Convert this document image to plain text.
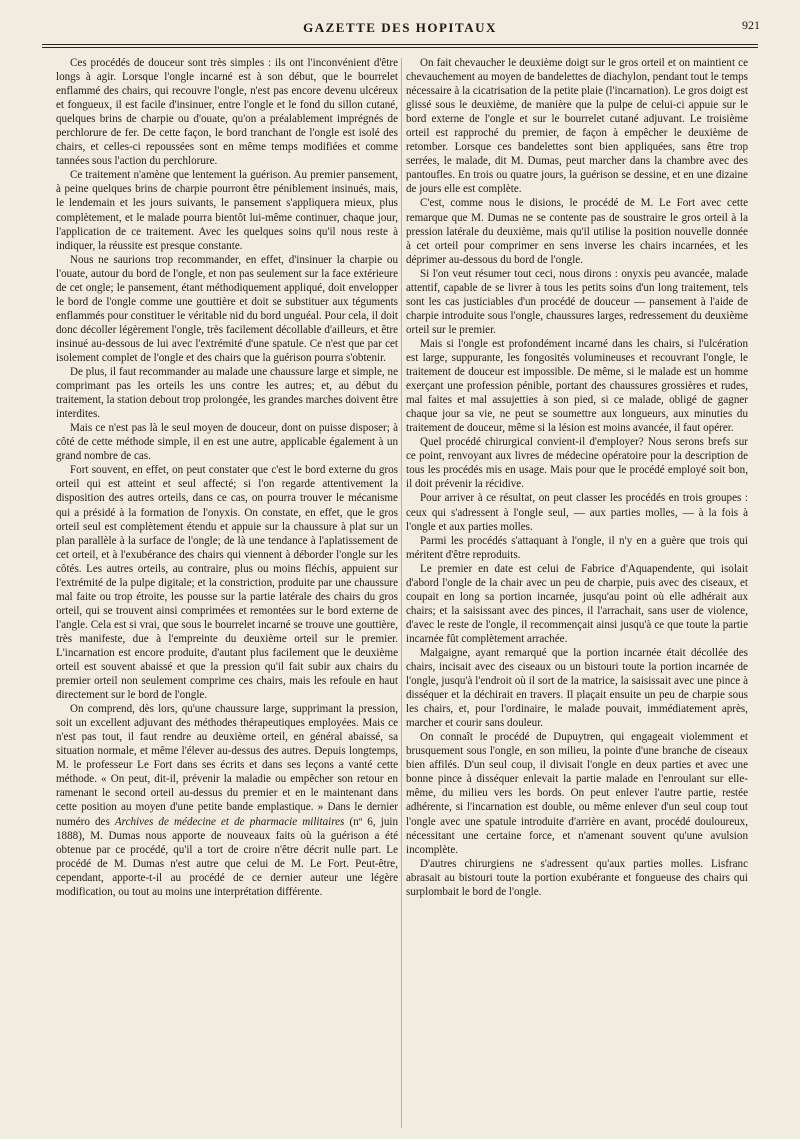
GAZETTE DES HOPITAUX	921

Ces procédés de douceur sont très simples : ils ont l'inconvénient d'être longs à agir. Lorsque l'ongle incarné est à son début, que le bourrelet enflammé des chairs, qui recouvre l'ongle, n'est pas encore devenu ulcéreux et fongueux, il est facile d'insinuer, entre l'ongle et le fond du sillon cutané, quelques brins de charpie ou d'ouate, qu'on a préalablement imprégnés de perchlorure de fer. De cette façon, le bord tranchant de l'ongle est isolé des chairs, et celles-ci repoussées sont en même temps modifiées et comme tannées sous l'action du perchlorure.

Ce traitement n'amène que lentement la guérison. Au premier pansement, à peine quelques brins de charpie pourront être péniblement insinués, mais, le lendemain et les jours suivants, le pansement s'appliquera mieux, plus complètement, et le malade pourra bientôt lui-même continuer, chaque jour, l'application de ce traitement. Avec les quelques soins qu'il nous reste à indiquer, la réussite est presque constante.

Nous ne saurions trop recommander, en effet, d'insinuer la charpie ou l'ouate, autour du bord de l'ongle, et non pas seulement sur la face extérieure de cet ongle; le pansement, étant méthodiquement appliqué, doit envelopper le bord de l'ongle comme une gouttière et doit se substituer aux téguments enflammés pour constituer le véritable nid du bord unguéal. Pour cela, il doit donc décoller légèrement l'ongle, très facilement décollable d'ailleurs, et être insinué au-dessous de lui avec l'extrémité d'une spatule. Ce n'est que par cet isolement complet de l'ongle et des chairs que la guérison pourra s'obtenir.

De plus, il faut recommander au malade une chaussure large et simple, ne comprimant pas les orteils les uns contre les autres; et, au début du traitement, la station debout trop prolongée, les grandes marches doivent être interdites.

Mais ce n'est pas là le seul moyen de douceur, dont on puisse disposer; à côté de cette méthode simple, il en est une autre, applicable également à un grand nombre de cas.

Fort souvent, en effet, on peut constater que c'est le bord externe du gros orteil qui est atteint et seul affecté; si l'on regarde attentivement la disposition des autres orteils, dans ce cas, on pourra trouver le mécanisme qui a présidé à la formation de l'onyxis. On constate, en effet, que le gros orteil seul est complètement étendu et appuie sur la chaussure à plat sur un plan parallèle à la surface de l'ongle; de là une tendance à l'aplatissement de cet orteil, et à l'exubérance des chairs qui viennent à déborder l'ongle sur les côtés. Les autres orteils, au contraire, plus ou moins fléchis, appuient sur l'extrémité de la pulpe digitale; et la constriction, produite par une chaussure mal faite ou trop étroite, les pousse sur la partie latérale des chairs du gros orteil, qui se trouvent ainsi comprimées et remontées sur le bord externe de l'angle. Cela est si vrai, que sous le bourrelet incarné se trouve une gouttière, très manifeste, due à l'empreinte du deuxième orteil sur le premier. L'incarnation est encore produite, d'autant plus facilement que le deuxième orteil est souvent abaissé et que la pression qu'il fait subir aux chairs du premier orteil non seulement comprime ces chairs, mais les refoule en haut directement sur le bord de l'ongle.

On comprend, dès lors, qu'une chaussure large, supprimant la pression, soit un excellent adjuvant des méthodes thérapeutiques employées. Mais ce n'est pas tout, il faut rendre au deuxième orteil, en général abaissé, sa situation normale, et même l'élever au-dessus des autres. Depuis longtemps, M. le professeur Le Fort dans ses écrits et dans ses leçons a vanté cette méthode. « On peut, dit-il, prévenir la maladie ou empêcher son retour en ramenant le second orteil au-dessus du premier et en le maintenant dans cette position au moyen d'une petite bande emplastique. » Dans le dernier numéro des Archives de médecine et de pharmacie militaires (nº 6, juin 1888), M. Dumas nous apporte de nouveaux faits où la guérison a été obtenue par ce procédé, qu'il a tort de croire n'être décrit nulle part. Le procédé de M. Dumas n'est autre que celui de M. Le Fort. Peut-être, cependant, apporte-t-il au procédé de ce dernier auteur une légère modification, ou tout au moins une interprétation différente.

On fait chevaucher le deuxième doigt sur le gros orteil et on maintient ce chevauchement au moyen de bandelettes de diachylon, pendant tout le temps nécessaire à la cicatrisation de la petite plaie (l'incarnation). Le gros doigt est glissé sous le deuxième, de manière que la pulpe de celui-ci appuie sur le bord externe de l'ongle et sur le bourrelet cutané adjuvant. Le troisième orteil est rapproché du premier, de façon à empêcher le deuxième de retomber. Lorsque ces bandelettes sont bien appliquées, sans être trop serrées, le malade, dit M. Dumas, peut marcher dans la chambre avec des pantoufles. En trois ou quatre jours, la guérison se dessine, et en une dizaine de jours elle est complète.

C'est, comme nous le disions, le procédé de M. Le Fort avec cette remarque que M. Dumas ne se contente pas de soustraire le gros orteil à la pression latérale du deuxième, mais qu'il utilise la position nouvelle donnée à cet orteil pour comprimer en sens inverse les chairs incarnées, et les déprimer au-dessous du bord de l'ongle.

Si l'on veut résumer tout ceci, nous dirons : onyxis peu avancée, malade attentif, capable de se livrer à tous les petits soins d'un long traitement, tels sont les cas justiciables d'un procédé de douceur — pansement à l'aide de charpie introduite sous l'ongle, chaussures larges, redressement du deuxième orteil sur le premier.

Mais si l'ongle est profondément incarné dans les chairs, si l'ulcération est large, suppurante, les fongosités volumineuses et recouvrant l'ongle, le traitement de douceur est impossible. De même, si le malade est un homme exerçant une profession pénible, portant des chaussures grossières et rudes, mal faites et mal assujetties à son pied, si ce malade, obligé de gagner chaque jour sa vie, ne peut se soumettre aux longueurs, aux minuties du traitement de douceur, même si la lésion est moins avancée, il faut opérer.

Quel procédé chirurgical convient-il d'employer? Nous serons brefs sur ce point, renvoyant aux livres de médecine opératoire pour la description de tous les procédés mis en usage. Mais pour que le procédé employé soit bon, il doit prévenir la récidive.

Pour arriver à ce résultat, on peut classer les procédés en trois groupes : ceux qui s'adressent à l'ongle seul, — aux parties molles, — à la fois à l'ongle et aux parties molles.

Parmi les procédés s'attaquant à l'ongle, il n'y en a guère que trois qui méritent d'être reproduits.

Le premier en date est celui de Fabrice d'Aquapendente, qui isolait d'abord l'ongle de la chair avec un peu de charpie, puis avec des ciseaux, et coupait en long sa portion incarnée, jusqu'au point où elle adhérait aux chairs; et la saisissant avec des pinces, il l'arrachait, sans user de violence, d'avec le reste de l'ongle, il recommençait ainsi jusqu'à ce que toute la partie incarnée fût complètement arrachée.

Malgaigne, ayant remarqué que la portion incarnée était décollée des chairs, incisait avec des ciseaux ou un bistouri toute la portion incarnée de l'ongle, jusqu'à l'endroit où il sort de la matrice, la saisissait avec une pince à disséquer et la déchirait en travers. Il plaçait ensuite un peu de charpie sous les chairs, et, pour l'ordinaire, le malade pouvait, immédiatement après, marcher et courir sans douleur.

On connaît le procédé de Dupuytren, qui engageait violemment et brusquement sous l'ongle, en son milieu, la pointe d'une branche de ciseaux bien affilés. D'un seul coup, il divisait l'ongle en deux parties et avec une bonne pince à disséquer enlevait la partie malade en l'enroulant sur elle-même, du milieu vers les bords. On peut enlever l'autre partie, restée adhérente, si l'incarnation est double, ou même enlever d'un seul coup tout l'ongle avec une spatule introduite d'arrière en avant, procédé douloureux, nécessitant une certaine force, et n'amenant souvent qu'une avulsion incomplète.

D'autres chirurgiens ne s'adressent qu'aux parties molles. Lisfranc abrasait au bistouri toute la portion exubérante et fongueuse des chairs qui surplombait le bord de l'ongle.
